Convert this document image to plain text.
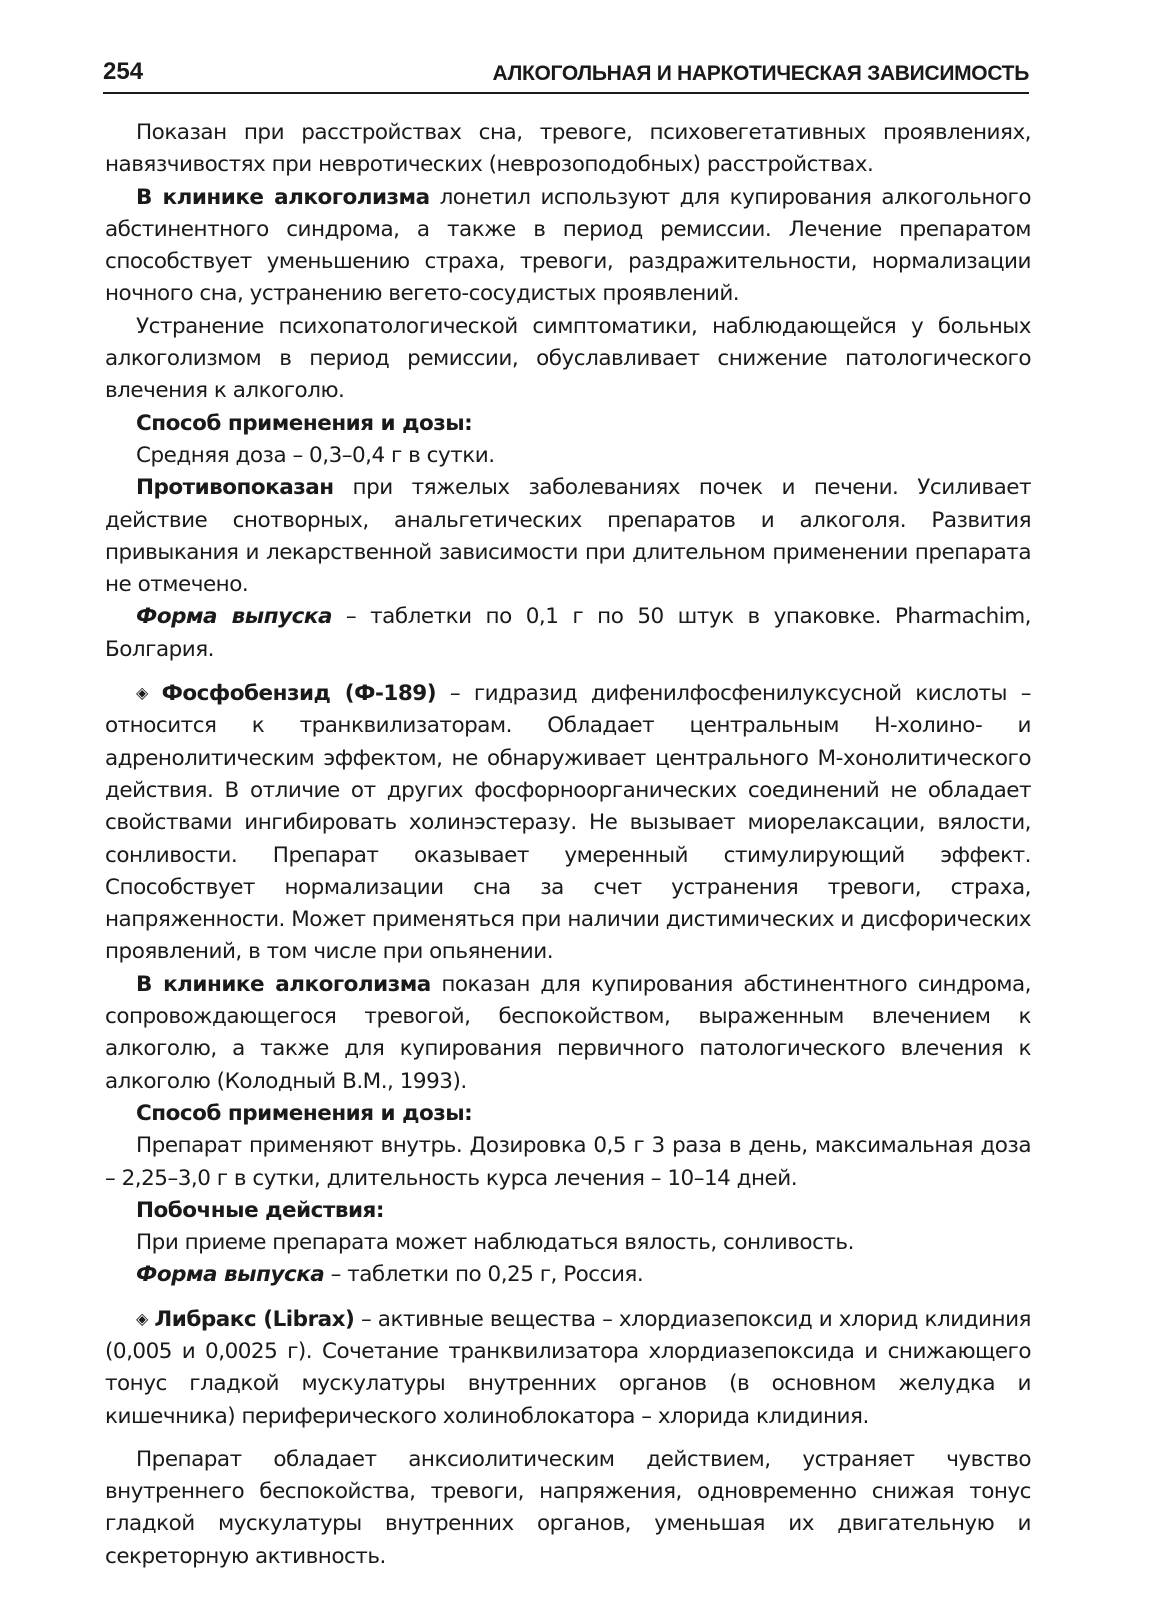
254	АЛКОГОЛЬНАЯ И НАРКОТИЧЕСКАЯ ЗАВИСИМОСТЬ

Показан при расстройствах сна, тревоге, психовегетативных проявлениях, навязчивостях при невротических (неврозоподобных) расстройствах.

В клинике алкоголизма лонетил используют для купирования алкогольного абстинентного синдрома, а также в период ремиссии. Лечение препаратом способствует уменьшению страха, тревоги, раздражительности, нормализации ночного сна, устранению вегето-сосудистых проявлений.

Устранение психопатологической симптоматики, наблюдающейся у больных алкоголизмом в период ремиссии, обуславливает снижение патологического влечения к алкоголю.

Способ применения и дозы:

Средняя доза – 0,3–0,4 г в сутки.

Противопоказан при тяжелых заболеваниях почек и печени. Усиливает действие снотворных, анальгетических препаратов и алкоголя. Развития привыкания и лекарственной зависимости при длительном применении препарата не отмечено.

Форма выпуска – таблетки по 0,1 г по 50 штук в упаковке. Pharmachim, Болгария.

◈ Фосфобензид (Ф-189) – гидразид дифенилфосфенилуксусной кислоты – относится к транквилизаторам. Обладает центральным Н-холино- и адренолитическим эффектом, не обнаруживает центрального М-хонолитического действия. В отличие от других фосфорноорганических соединений не обладает свойствами ингибировать холинэстеразу. Не вызывает миорелаксации, вялости, сонливости. Препарат оказывает умеренный стимулирующий эффект. Способствует нормализации сна за счет устранения тревоги, страха, напряженности. Может применяться при наличии дистимических и дисфорических проявлений, в том числе при опьянении.

В клинике алкоголизма показан для купирования абстинентного синдрома, сопровождающегося тревогой, беспокойством, выраженным влечением к алкоголю, а также для купирования первичного патологического влечения к алкоголю (Колодный В.М., 1993).

Способ применения и дозы:

Препарат применяют внутрь. Дозировка 0,5 г 3 раза в день, максимальная доза – 2,25–3,0 г в сутки, длительность курса лечения – 10–14 дней.

Побочные действия:

При приеме препарата может наблюдаться вялость, сонливость.

Форма выпуска – таблетки по 0,25 г, Россия.

◈ Либракс (Librax) – активные вещества – хлордиазепоксид и хлорид клидиния (0,005 и 0,0025 г). Сочетание транквилизатора хлордиазепоксида и снижающего тонус гладкой мускулатуры внутренних органов (в основном желудка и кишечника) периферического холиноблокатора – хлорида клидиния.

Препарат обладает анксиолитическим действием, устраняет чувство внутреннего беспокойства, тревоги, напряжения, одновременно снижая тонус гладкой мускулатуры внутренних органов, уменьшая их двигательную и секреторную активность.
